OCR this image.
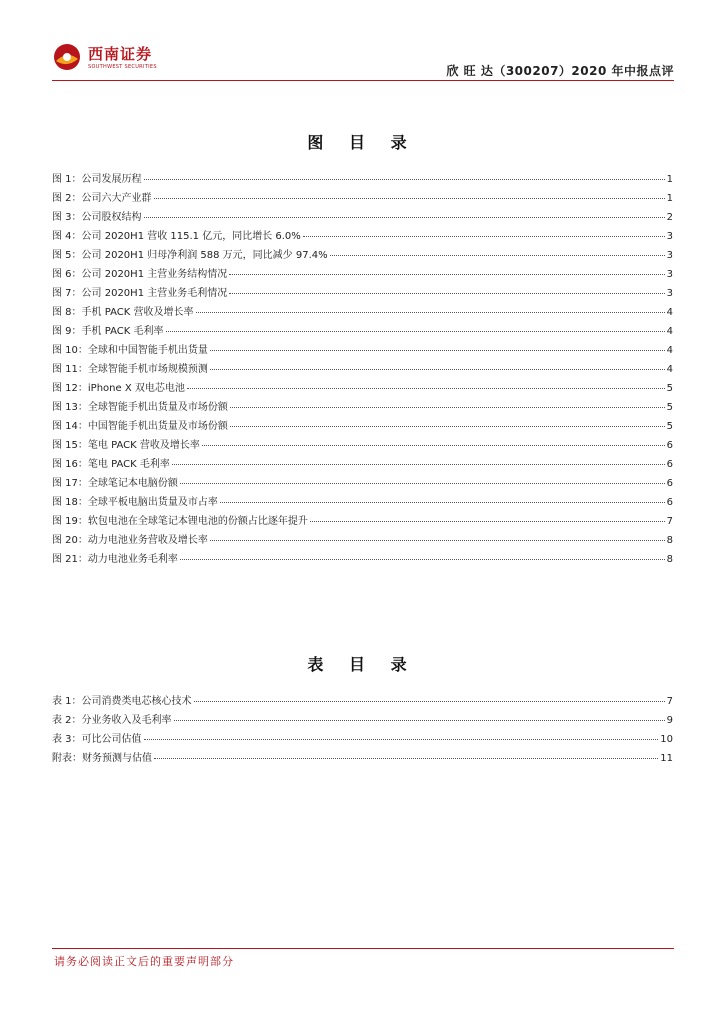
西南证券
SOUTHWEST SECURITIES	欣 旺 达（300207）2020 年中报点评
图 目 录
图 1：公司发展历程	1
图 2：公司六大产业群	1
图 3：公司股权结构	2
图 4：公司 2020H1 营收 115.1 亿元，同比增长 6.0%	3
图 5：公司 2020H1 归母净利润 588 万元，同比减少 97.4%	3
图 6：公司 2020H1 主营业务结构情况	3
图 7：公司 2020H1 主营业务毛利情况	3
图 8：手机 PACK 营收及增长率	4
图 9：手机 PACK 毛利率	4
图 10：全球和中国智能手机出货量	4
图 11：全球智能手机市场规模预测	4
图 12：iPhone X 双电芯电池	5
图 13：全球智能手机出货量及市场份额	5
图 14：中国智能手机出货量及市场份额	5
图 15：笔电 PACK 营收及增长率	6
图 16：笔电 PACK 毛利率	6
图 17：全球笔记本电脑份额	6
图 18：全球平板电脑出货量及市占率	6
图 19：软包电池在全球笔记本锂电池的份额占比逐年提升	7
图 20：动力电池业务营收及增长率	8
图 21：动力电池业务毛利率	8
表 目 录
表 1：公司消费类电芯核心技术	7
表 2：分业务收入及毛利率	9
表 3：可比公司估值	10
附表：财务预测与估值	11
请务必阅读正文后的重要声明部分
